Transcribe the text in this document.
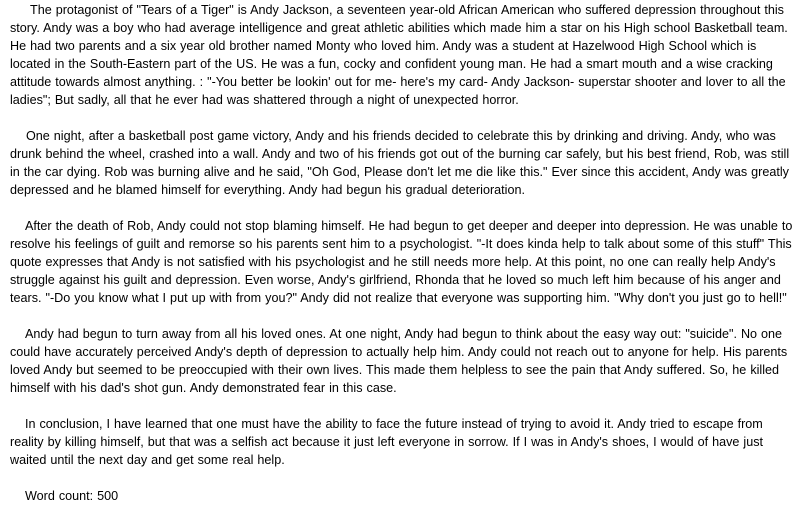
The protagonist of "Tears of a Tiger" is Andy Jackson, a seventeen year-old African American who suffered depression throughout this story. Andy was a boy who had average intelligence and great athletic abilities which made him a star on his High school Basketball team. He had two parents and a six year old brother named Monty who loved him. Andy was a student at Hazelwood High School which is located in the South-Eastern part of the US. He was a fun, cocky and confident young man. He had a smart mouth and a wise cracking attitude towards almost anything. : "-You better be lookin' out for me- here's my card- Andy Jackson- superstar shooter and lover to all the ladies"; But sadly, all that he ever had was shattered through a night of unexpected horror.

One night, after a basketball post game victory, Andy and his friends decided to celebrate this by drinking and driving. Andy, who was drunk behind the wheel, crashed into a wall. Andy and two of his friends got out of the burning car safely, but his best friend, Rob, was still in the car dying. Rob was burning alive and he said, "Oh God, Please don't let me die like this." Ever since this accident, Andy was greatly depressed and he blamed himself for everything. Andy had begun his gradual deterioration.

After the death of Rob, Andy could not stop blaming himself. He had begun to get deeper and deeper into depression. He was unable to resolve his feelings of guilt and remorse so his parents sent him to a psychologist. "-It does kinda help to talk about some of this stuff" This quote expresses that Andy is not satisfied with his psychologist and he still needs more help. At this point, no one can really help Andy's struggle against his guilt and depression. Even worse, Andy's girlfriend, Rhonda that he loved so much left him because of his anger and tears. "-Do you know what I put up with from you?" Andy did not realize that everyone was supporting him. "Why don't you just go to hell!"

Andy had begun to turn away from all his loved ones. At one night, Andy had begun to think about the easy way out: "suicide". No one could have accurately perceived Andy's depth of depression to actually help him. Andy could not reach out to anyone for help. His parents loved Andy but seemed to be preoccupied with their own lives. This made them helpless to see the pain that Andy suffered. So, he killed himself with his dad's shot gun. Andy demonstrated fear in this case.

In conclusion, I have learned that one must have the ability to face the future instead of trying to avoid it. Andy tried to escape from reality by killing himself, but that was a selfish act because it just left everyone in sorrow. If I was in Andy's shoes, I would of have just waited until the next day and get some real help.

Word count: 500
